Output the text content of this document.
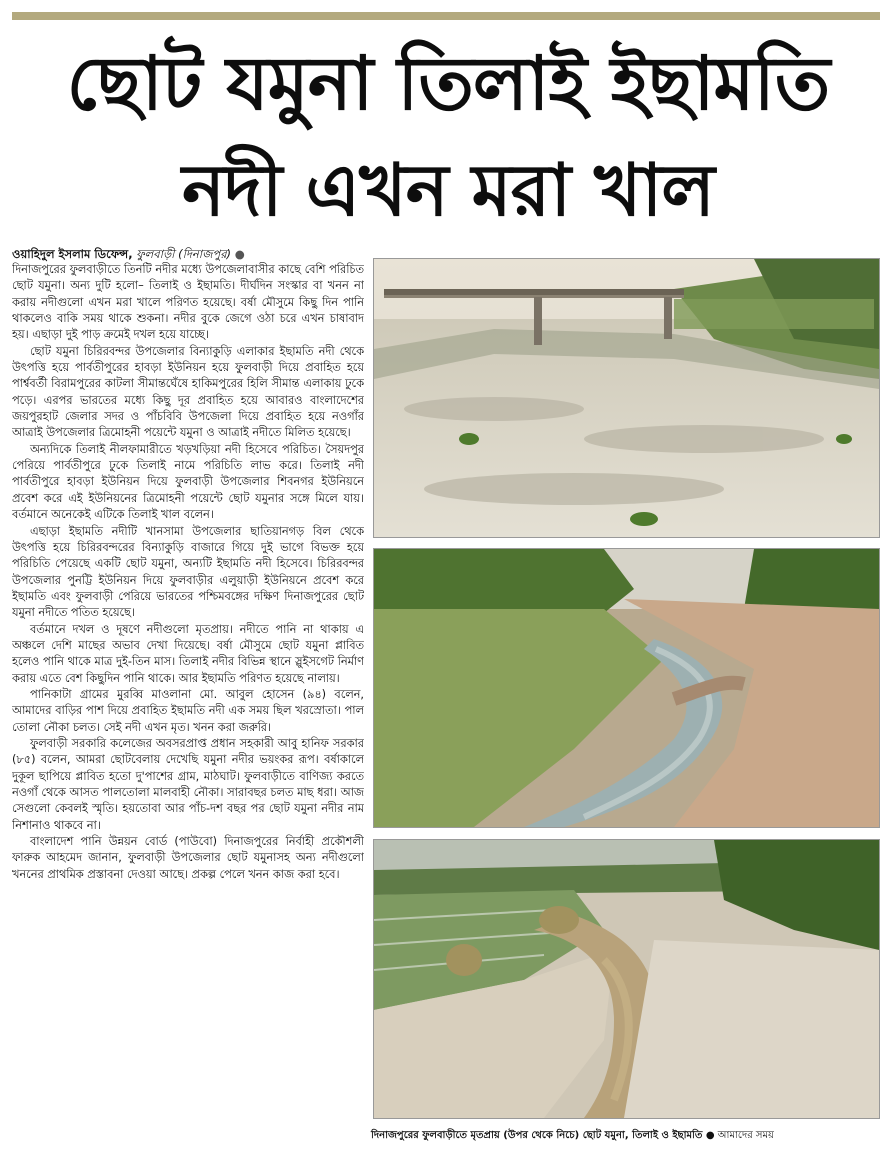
ছোট যমুনা তিলাই ইছামতি
নদী এখন মরা খাল
ওয়াহিদুল ইসলাম ডিফেন্স, ফুলবাড়ী (দিনাজপুর) ●

দিনাজপুরের ফুলবাড়ীতে তিনটি নদীর মধ্যে উপজেলাবাসীর কাছে বেশি পরিচিত ছোট যমুনা। অন্য দুটি হলো– তিলাই ও ইছামতি। দীর্ঘদিন সংস্কার বা খনন না করায় নদীগুলো এখন মরা খালে পরিণত হয়েছে। বর্ষা মৌসুমে কিছু দিন পানি থাকলেও বাকি সময় থাকে শুকনা। নদীর বুকে জেগে ওঠা চরে এখন চাষাবাদ হয়। এছাড়া দুই পাড় ক্রমেই দখল হয়ে যাচ্ছে।

ছোট যমুনা চিরিরবন্দর উপজেলার বিন্যাকুড়ি এলাকার ইছামতি নদী থেকে উৎপত্তি হয়ে পার্বতীপুরের হাবড়া ইউনিয়ন হয়ে ফুলবাড়ী দিয়ে প্রবাহিত হয়ে পার্শ্ববর্তী বিরামপুরের কাটলা সীমান্তঘেঁষে হাকিমপুরের হিলি সীমান্ত এলাকায় ঢুকে পড়ে। এরপর ভারতের মধ্যে কিছু দূর প্রবাহিত হয়ে আবারও বাংলাদেশের জয়পুরহাট জেলার সদর ও পাঁচবিবি উপজেলা দিয়ে প্রবাহিত হয়ে নওগাঁর আত্রাই উপজেলার ত্রিমোহনী পয়েন্টে যমুনা ও আত্রাই নদীতে মিলিত হয়েছে।

অন্যদিকে তিলাই নীলফামারীতে খড়খড়িয়া নদী হিসেবে পরিচিত। সৈয়দপুর পেরিয়ে পার্বতীপুরে ঢুকে তিলাই নামে পরিচিতি লাভ করে। তিলাই নদী পার্বতীপুরে হাবড়া ইউনিয়ন দিয়ে ফুলবাড়ী উপজেলার শিবনগর ইউনিয়নে প্রবেশ করে এই ইউনিয়নের ত্রিমোহনী পয়েন্টে ছোট যমুনার সঙ্গে মিলে যায়। বর্তমানে অনেকেই এটিকে তিলাই খাল বলেন।

এছাড়া ইছামতি নদীটি খানসামা উপজেলার ছাতিয়ানগড় বিল থেকে উৎপত্তি হয়ে চিরিরবন্দরের বিন্যাকুড়ি বাজারে গিয়ে দুই ভাগে বিভক্ত হয়ে পরিচিতি পেয়েছে একটি ছোট যমুনা, অন্যটি ইছামতি নদী হিসেবে। চিরিরবন্দর উপজেলার পুনট্টি ইউনিয়ন দিয়ে ফুলবাড়ীর এলুয়াড়ী ইউনিয়নে প্রবেশ করে ইছামতি এবং ফুলবাড়ী পেরিয়ে ভারতের পশ্চিমবঙ্গের দক্ষিণ দিনাজপুরের ছোট যমুনা নদীতে পতিত হয়েছে।

বর্তমানে দখল ও দূষণে নদীগুলো মৃতপ্রায়। নদীতে পানি না থাকায় এ অঞ্চলে দেশি মাছের অভাব দেখা দিয়েছে। বর্ষা মৌসুমে ছোট যমুনা প্লাবিত হলেও পানি থাকে মাত্র দুই-তিন মাস। তিলাই নদীর বিভিন্ন স্থানে স্লুইসগেট নির্মাণ করায় এতে বেশ কিছুদিন পানি থাকে। আর ইছামতি পরিণত হয়েছে নালায়।

পানিকাটা গ্রামের মুরব্বি মাওলানা মো. আবুল হোসেন (৯৪) বলেন, আমাদের বাড়ির পাশ দিয়ে প্রবাহিত ইছামতি নদী এক সময় ছিল খরস্রোতা। পাল তোলা নৌকা চলত। সেই নদী এখন মৃত। খনন করা জরুরি।

ফুলবাড়ী সরকারি কলেজের অবসরপ্রাপ্ত প্রধান সহকারী আবু হানিফ সরকার (৮৫) বলেন, আমরা ছোটবেলায় দেখেছি যমুনা নদীর ভয়ংকর রূপ। বর্ষাকালে দুকূল ছাপিয়ে প্লাবিত হতো দু'পাশের গ্রাম, মাঠঘাট। ফুলবাড়ীতে বাণিজ্য করতে নওগাঁ থেকে আসত পালতোলা মালবাহী নৌকা। সারাবছর চলত মাছ ধরা। আজ সেগুলো কেবলই স্মৃতি। হয়তোবা আর পাঁচ-দশ বছর পর ছোট যমুনা নদীর নাম নিশানাও থাকবে না।

বাংলাদেশ পানি উন্নয়ন বোর্ড (পাউবো) দিনাজপুরের নির্বাহী প্রকৌশলী ফারুক আহমেদ জানান, ফুলবাড়ী উপজেলার ছোট যমুনাসহ অন্য নদীগুলো খননের প্রাথমিক প্রস্তাবনা দেওয়া আছে। প্রকল্প পেলে খনন কাজ করা হবে।

দিনাজপুরের ফুলবাড়ীতে মৃতপ্রায় (উপর থেকে নিচে) ছোট যমুনা, তিলাই ও ইছামতি ● আমাদের সময়
